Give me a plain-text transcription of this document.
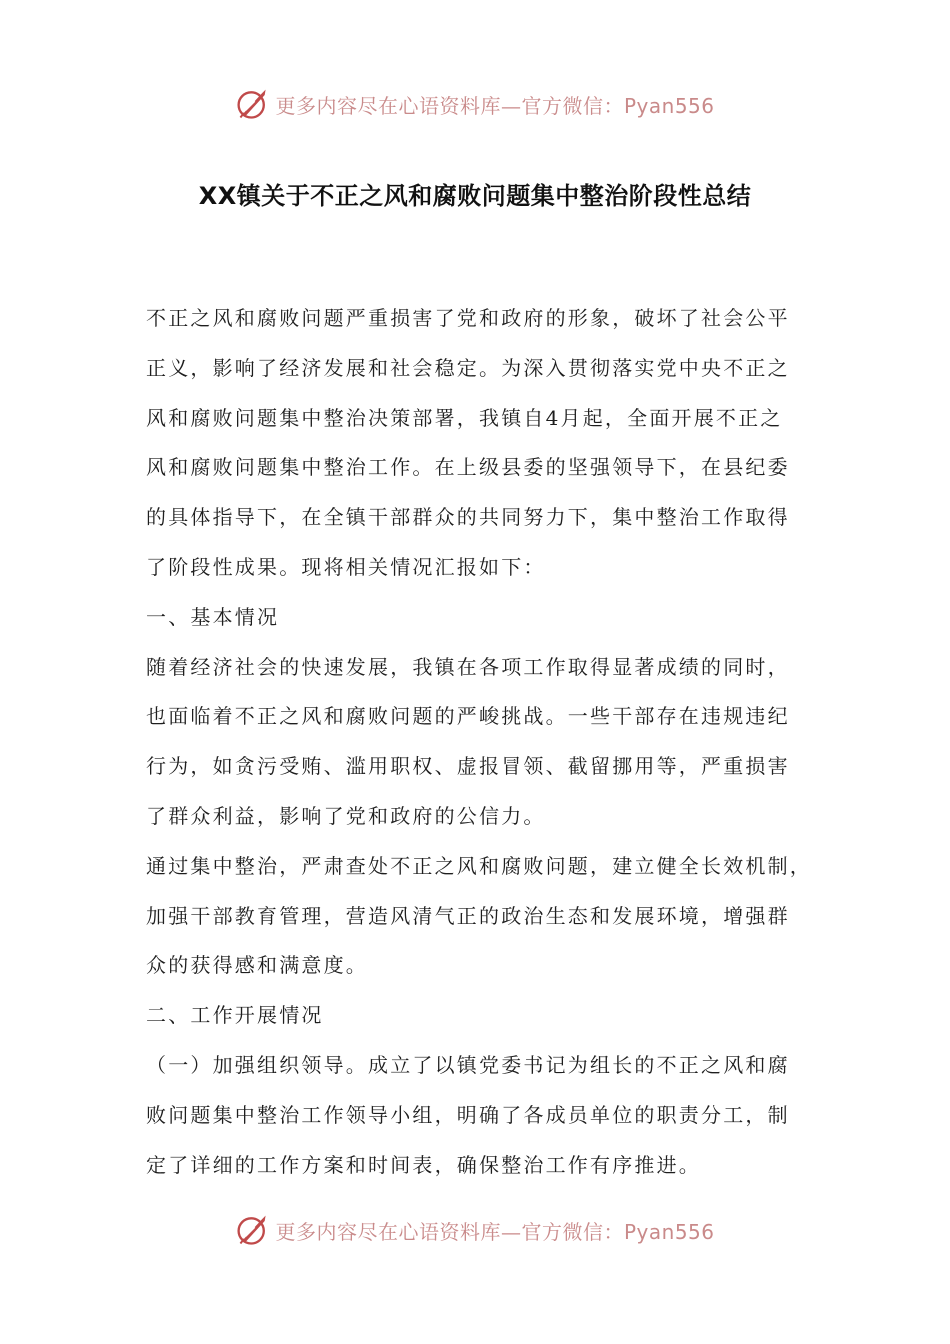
更多内容尽在心语资料库—官方微信：Pyan556
XX镇关于不正之风和腐败问题集中整治阶段性总结
不正之风和腐败问题严重损害了党和政府的形象，破坏了社会公平
正义，影响了经济发展和社会稳定。为深入贯彻落实党中央不正之
风和腐败问题集中整治决策部署，我镇自4月起，全面开展不正之
风和腐败问题集中整治工作。在上级县委的坚强领导下，在县纪委
的具体指导下，在全镇干部群众的共同努力下，集中整治工作取得
了阶段性成果。现将相关情况汇报如下：
一、基本情况
随着经济社会的快速发展，我镇在各项工作取得显著成绩的同时，
也面临着不正之风和腐败问题的严峻挑战。一些干部存在违规违纪
行为，如贪污受贿、滥用职权、虚报冒领、截留挪用等，严重损害
了群众利益，影响了党和政府的公信力。
通过集中整治，严肃查处不正之风和腐败问题，建立健全长效机制，
加强干部教育管理，营造风清气正的政治生态和发展环境，增强群
众的获得感和满意度。
二、工作开展情况
（一）加强组织领导。成立了以镇党委书记为组长的不正之风和腐
败问题集中整治工作领导小组，明确了各成员单位的职责分工，制
定了详细的工作方案和时间表，确保整治工作有序推进。
更多内容尽在心语资料库—官方微信：Pyan556
